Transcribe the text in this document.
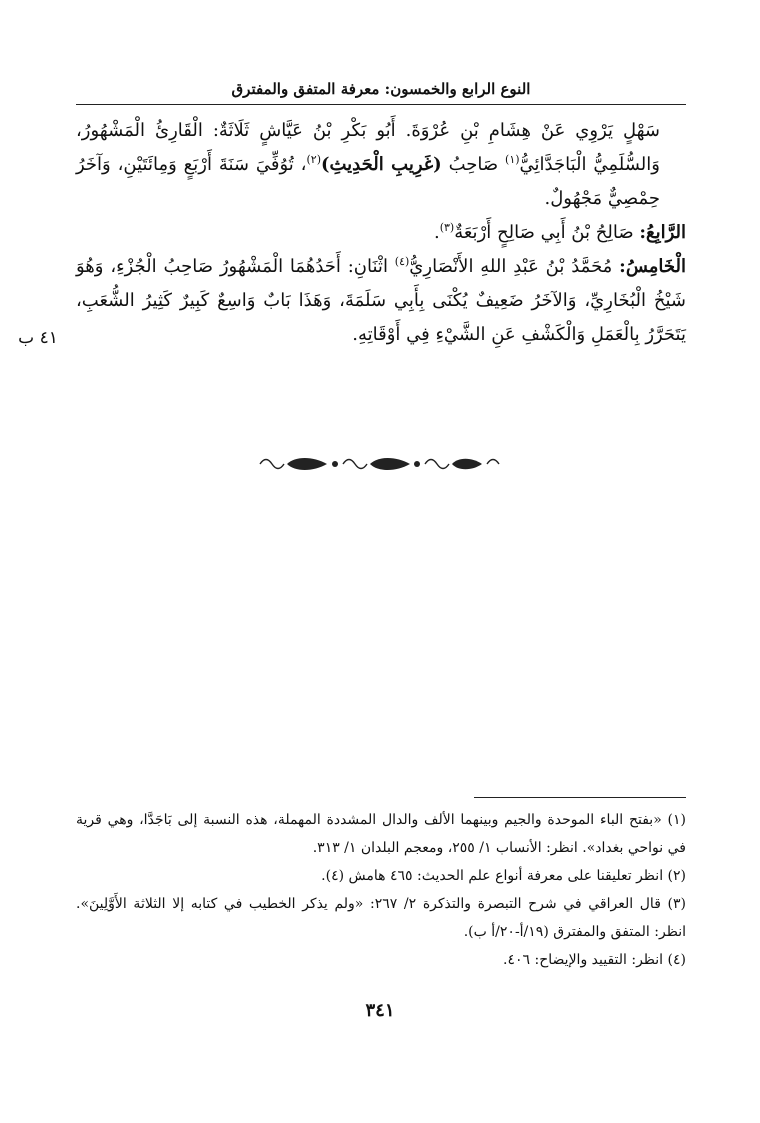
النوع الرابع والخمسون: معرفة المتفق والمفترق

سَهْلٍ يَرْوِي عَنْ هِشَامِ بْنِ عُرْوَةَ. أَبُو بَكْرِ بْنُ عَيَّاشٍ ثَلَاثَةٌ: الْقَارِئُ الْمَشْهُورُ، وَالسُّلَمِيُّ الْبَاجَدَّائِيُّ$^{(١)}$ صَاحِبُ (غَرِيبِ الْحَدِيثِ)$^{(٢)}$، تُوُفِّيَ سَنَةَ أَرْبَعٍ وَمِائَتَيْنِ، وَآخَرُ حِمْصِيٌّ مَجْهُولٌ.

الرَّابِعُ: صَالِحُ بْنُ أَبِي صَالِحٍ أَرْبَعَةٌ$^{(٣)}$.

الْخَامِسُ: مُحَمَّدُ بْنُ عَبْدِ اللهِ الأَنْصَارِيُّ$^{(٤)}$ اثْنَانِ: أَحَدُهُمَا الْمَشْهُورُ صَاحِبُ الْجُزْءِ، وَهُوَ شَيْخُ الْبُخَارِيِّ، وَالآخَرُ ضَعِيفٌ يُكْنَى بِأَبِي سَلَمَةَ، وَهَذَا بَابٌ وَاسِعٌ كَبِيرٌ كَثِيرُ الشُّعَبِ، يَتَحَرَّرُ بِالْعَمَلِ وَالْكَشْفِ عَنِ الشَّيْءِ فِي أَوْقَاتِهِ.

٤١ ب

(١) «بفتح الباء الموحدة والجيم وبينهما الألف والدال المشددة المهملة، هذه النسبة إلى بَاجَدَّا، وهي قرية في نواحي بغداد». انظر: الأنساب ١/ ٢٥٥، ومعجم البلدان ١/ ٣١٣.

(٢) انظر تعليقنا على معرفة أنواع علم الحديث: ٤٦٥ هامش (٤).

(٣) قال العراقي في شرح التبصرة والتذكرة ٢/ ٢٦٧: «ولم يذكر الخطيب في كتابه إلا الثلاثة الأَوَّلِينَ». انظر: المتفق والمفترق (١٩/أ-٢٠/أ ب).

(٤) انظر: التقييد والإيضاح: ٤٠٦.

٣٤١
